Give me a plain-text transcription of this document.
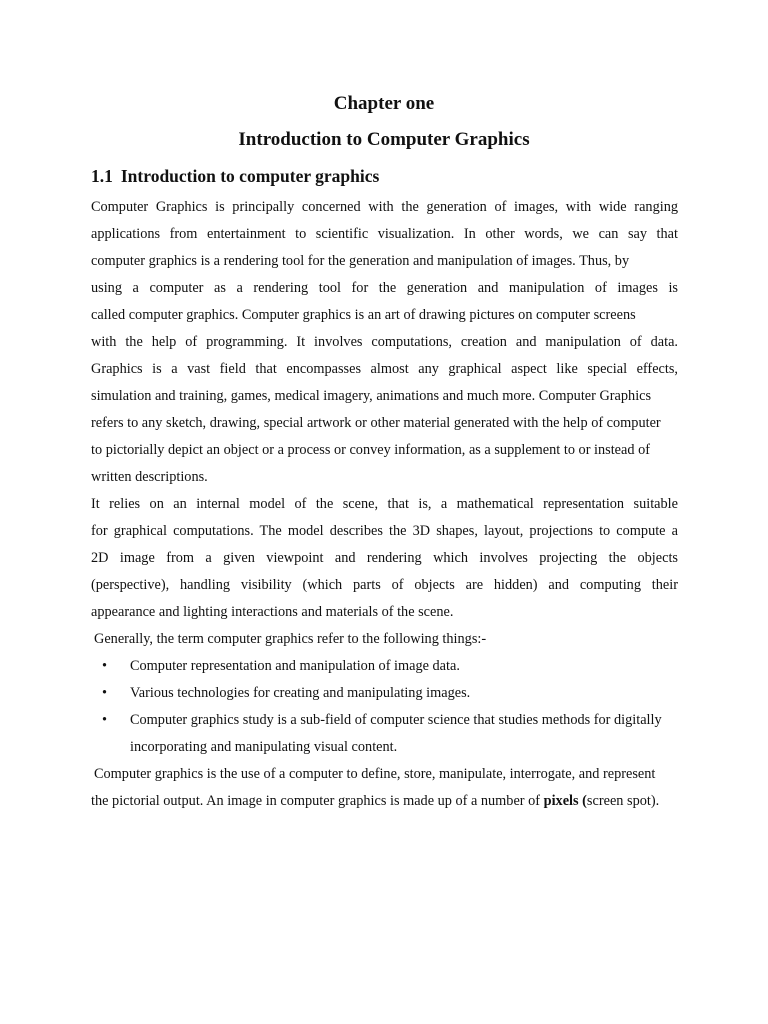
Chapter one
Introduction to Computer Graphics
1.1 Introduction to computer graphics
Computer Graphics is principally concerned with the generation of images, with wide ranging
applications from entertainment to scientific visualization. In other words, we can say that
computer graphics is a rendering tool for the generation and manipulation of images. Thus, by
using a computer as a rendering tool for the generation and manipulation of images is
called computer graphics. Computer graphics is an art of drawing pictures on computer screens
with the help of programming. It involves computations, creation and manipulation of data.
Graphics is a vast field that encompasses almost any graphical aspect like special effects,
simulation and training, games, medical imagery, animations and much more. Computer Graphics
refers to any sketch, drawing, special artwork or other material generated with the help of computer
to pictorially depict an object or a process or convey information, as a supplement to or instead of
written descriptions.
It relies on an internal model of the scene, that is, a mathematical representation suitable
for graphical computations. The model describes the 3D shapes, layout, projections to compute a
2D image from a given viewpoint and rendering which involves projecting the objects
(perspective), handling visibility (which parts of objects are hidden) and computing their
appearance and lighting interactions and materials of the scene.
Generally, the term computer graphics refer to the following things:-
• Computer representation and manipulation of image data.
• Various technologies for creating and manipulating images.
• Computer graphics study is a sub-field of computer science that studies methods for digitally
incorporating and manipulating visual content.
Computer graphics is the use of a computer to define, store, manipulate, interrogate, and represent
the pictorial output. An image in computer graphics is made up of a number of pixels (screen spot).
